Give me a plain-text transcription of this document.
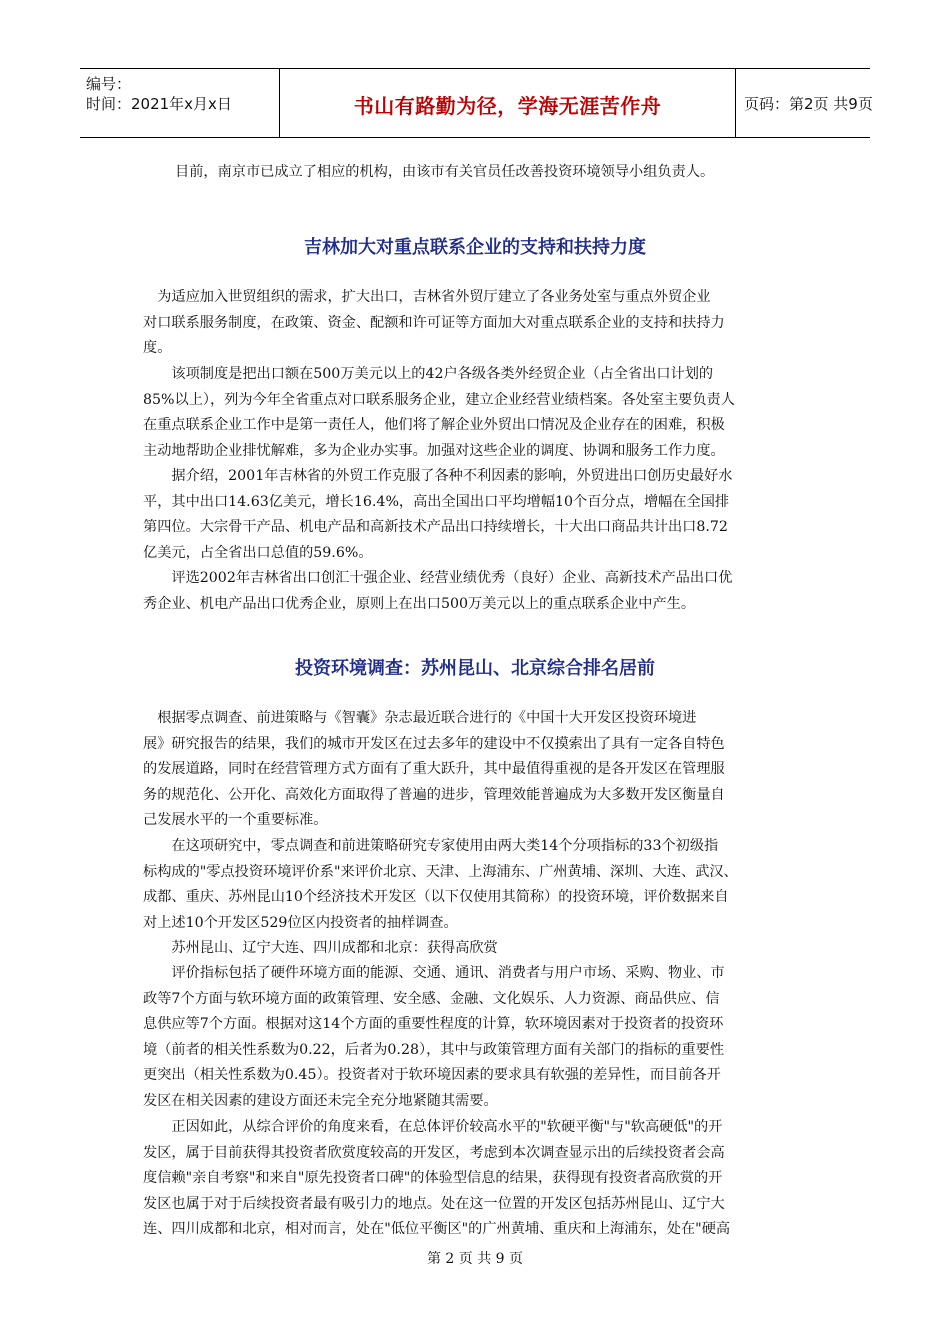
编号：
时间：2021年x月x日	书山有路勤为径，学海无涯苦作舟	页码：第2页 共9页

目前，南京市已成立了相应的机构，由该市有关官员任改善投资环境领导小组负责人。

吉林加大对重点联系企业的支持和扶持力度
　为适应加入世贸组织的需求，扩大出口，吉林省外贸厅建立了各业务处室与重点外贸企业
对口联系服务制度，在政策、资金、配额和许可证等方面加大对重点联系企业的支持和扶持力
度。
　　该项制度是把出口额在500万美元以上的42户各级各类外经贸企业（占全省出口计划的
85%以上），列为今年全省重点对口联系服务企业，建立企业经营业绩档案。各处室主要负责人
在重点联系企业工作中是第一责任人，他们将了解企业外贸出口情况及企业存在的困难，积极
主动地帮助企业排忧解难，多为企业办实事。加强对这些企业的调度、协调和服务工作力度。
　　据介绍，2001年吉林省的外贸工作克服了各种不利因素的影响，外贸进出口创历史最好水
平，其中出口14.63亿美元，增长16.4%，高出全国出口平均增幅10个百分点，增幅在全国排
第四位。大宗骨干产品、机电产品和高新技术产品出口持续增长，十大出口商品共计出口8.72
亿美元，占全省出口总值的59.6%。
　　评选2002年吉林省出口创汇十强企业、经营业绩优秀（良好）企业、高新技术产品出口优
秀企业、机电产品出口优秀企业，原则上在出口500万美元以上的重点联系企业中产生。
投资环境调查：苏州昆山、北京综合排名居前
　根据零点调查、前进策略与《智囊》杂志最近联合进行的《中国十大开发区投资环境进
展》研究报告的结果，我们的城市开发区在过去多年的建设中不仅摸索出了具有一定各自特色
的发展道路，同时在经营管理方式方面有了重大跃升，其中最值得重视的是各开发区在管理服
务的规范化、公开化、高效化方面取得了普遍的进步，管理效能普遍成为大多数开发区衡量自
己发展水平的一个重要标准。
　　在这项研究中，零点调查和前进策略研究专家使用由两大类14个分项指标的33个初级指
标构成的"零点投资环境评价系"来评价北京、天津、上海浦东、广州黄埔、深圳、大连、武汉、
成都、重庆、苏州昆山10个经济技术开发区（以下仅使用其简称）的投资环境，评价数据来自
对上述10个开发区529位区内投资者的抽样调查。
　　苏州昆山、辽宁大连、四川成都和北京：获得高欣赏
　　评价指标包括了硬件环境方面的能源、交通、通讯、消费者与用户市场、采购、物业、市
政等7个方面与软环境方面的政策管理、安全感、金融、文化娱乐、人力资源、商品供应、信
息供应等7个方面。根据对这14个方面的重要性程度的计算，软环境因素对于投资者的投资环
境（前者的相关性系数为0.22，后者为0.28），其中与政策管理方面有关部门的指标的重要性
更突出（相关性系数为0.45）。投资者对于软环境因素的要求具有软强的差异性，而目前各开
发区在相关因素的建设方面还未完全充分地紧随其需要。
　　正因如此，从综合评价的角度来看，在总体评价较高水平的"软硬平衡"与"软高硬低"的开
发区，属于目前获得其投资者欣赏度较高的开发区，考虑到本次调查显示出的后续投资者会高
度信赖"亲自考察"和来自"原先投资者口碑"的体验型信息的结果，获得现有投资者高欣赏的开
发区也属于对于后续投资者最有吸引力的地点。处在这一位置的开发区包括苏州昆山、辽宁大
连、四川成都和北京，相对而言，处在"低位平衡区"的广州黄埔、重庆和上海浦东，处在"硬高
第 2 页 共 9 页
